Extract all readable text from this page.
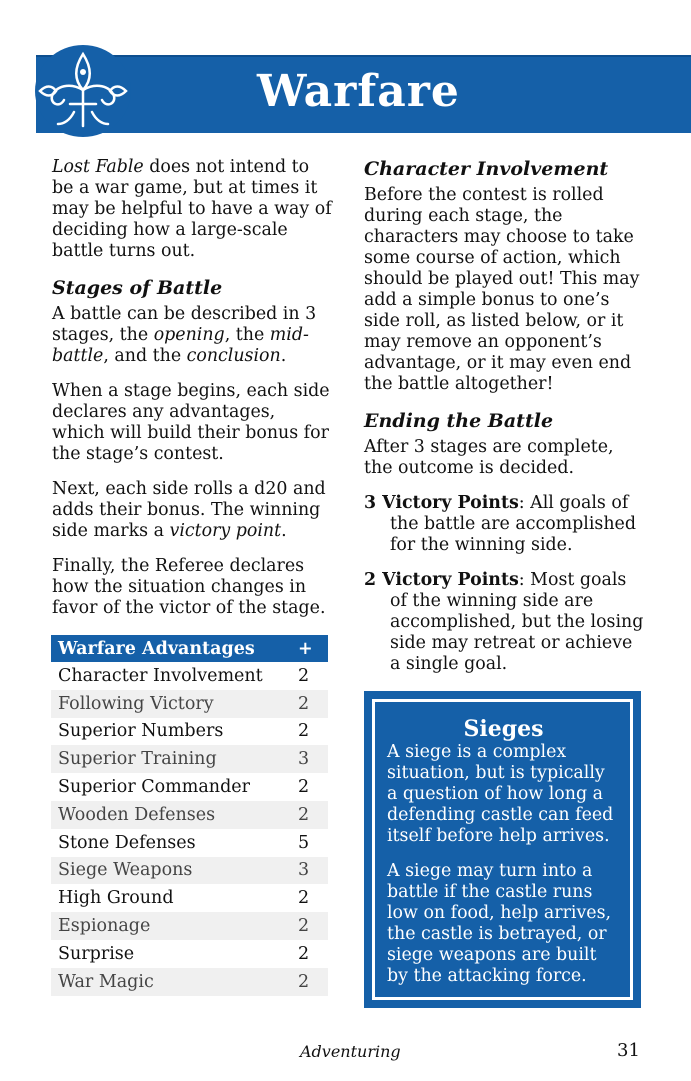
Warfare

Lost Fable does not intend to be a war game, but at times it may be helpful to have a way of deciding how a large-scale battle turns out.

Stages of Battle

A battle can be described in 3 stages, the opening, the mid-battle, and the conclusion.

When a stage begins, each side declares any advantages, which will build their bonus for the stage’s contest.

Next, each side rolls a d20 and adds their bonus. The winning side marks a victory point.

Finally, the Referee declares how the situation changes in favor of the victor of the stage.

Warfare Advantages	+
Character Involvement	2
Following Victory	2
Superior Numbers	2
Superior Training	3
Superior Commander	2
Wooden Defenses	2
Stone Defenses	5
Siege Weapons	3
High Ground	2
Espionage	2
Surprise	2
War Magic	2
Character Involvement

Before the contest is rolled during each stage, the characters may choose to take some course of action, which should be played out! This may add a simple bonus to one’s side roll, as listed below, or it may remove an opponent’s advantage, or it may even end the battle altogether!

Ending the Battle

After 3 stages are complete, the outcome is decided.

3 Victory Points: All goals of the battle are accomplished for the winning side.

2 Victory Points: Most goals of the winning side are accomplished, but the losing side may retreat or achieve a single goal.

Sieges

A siege is a complex situation, but is typically a question of how long a defending castle can feed itself before help arrives.

A siege may turn into a battle if the castle runs low on food, help arrives, the castle is betrayed, or siege weapons are built by the attacking force.

Adventuring	31
